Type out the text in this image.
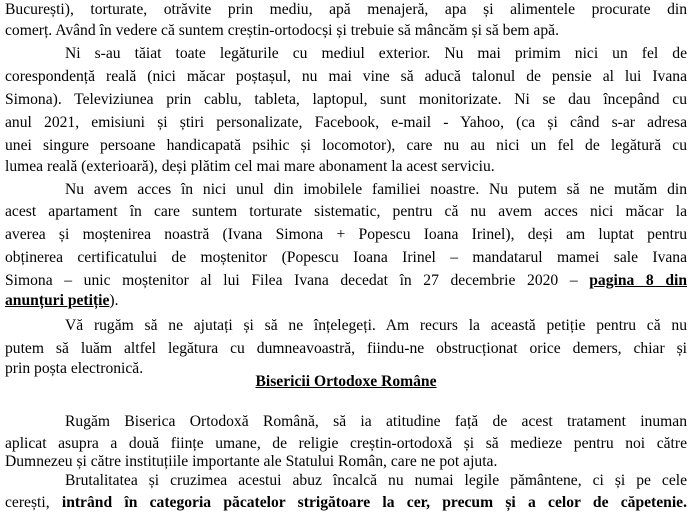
București), torturate, otrăvite prin mediu, apă menajeră, apa și alimentele procurate din
comerț. Având în vedere că suntem creștin-ortodocși și trebuie să mâncăm și să bem apă.
Ni s-au tăiat toate legăturile cu mediul exterior. Nu mai primim nici un fel de
corespondență reală (nici măcar poștașul, nu mai vine să aducă talonul de pensie al lui Ivana
Simona). Televiziunea prin cablu, tableta, laptopul, sunt monitorizate. Ni se dau începând cu
anul 2021, emisiuni și știri personalizate, Facebook, e-mail - Yahoo, (ca și când s-ar adresa
unei singure persoane handicapată psihic și locomotor), care nu au nici un fel de legătură cu
lumea reală (exterioară), deși plătim cel mai mare abonament la acest serviciu.
Nu avem acces în nici unul din imobilele familiei noastre. Nu putem să ne mutăm din
acest apartament în care suntem torturate sistematic, pentru că nu avem acces nici măcar la
averea și moștenirea noastră (Ivana Simona + Popescu Ioana Irinel), deși am luptat pentru
obținerea certificatului de moștenitor (Popescu Ioana Irinel – mandatarul mamei sale Ivana
Simona – unic moștenitor al lui Filea Ivana decedat în 27 decembrie 2020 – pagina 8 din
anunțuri petiție).
Vă rugăm să ne ajutați și să ne înțelegeți. Am recurs la această petiție pentru că nu
putem să luăm altfel legătura cu dumneavoastră, fiindu-ne obstrucționat orice demers, chiar și
prin poșta electronică.
Bisericii Ortodoxe Române
Rugăm Biserica Ortodoxă Română, să ia atitudine față de acest tratament inuman
aplicat asupra a două ființe umane, de religie creștin-ortodoxă și să medieze pentru noi către
Dumnezeu și către instituțiile importante ale Statului Român, care ne pot ajuta.
Brutalitatea și cruzimea acestui abuz încalcă nu numai legile pământene, ci și pe cele
cerești, intrând în categoria păcatelor strigătoare la cer, precum și a celor de căpetenie.
